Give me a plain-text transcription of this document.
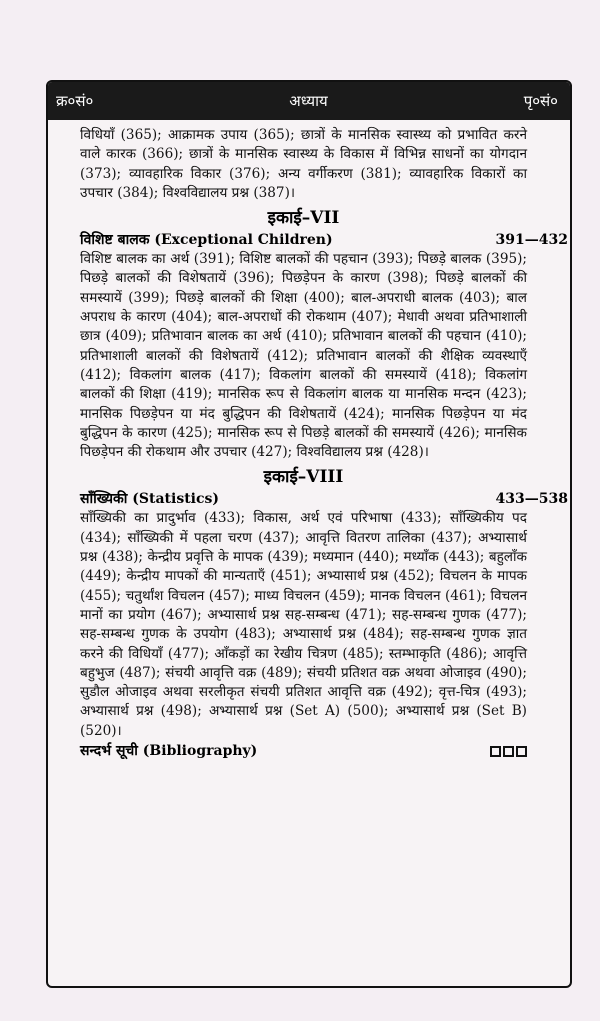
क्र०सं०	अध्याय	पृ०सं०

विधियाँ (365); आक्रामक उपाय (365); छात्रों के मानसिक स्वास्थ्य को प्रभावित करने वाले कारक (366); छात्रों के मानसिक स्वास्थ्य के विकास में विभिन्न साधनों का योगदान (373); व्यावहारिक विकार (376); अन्य वर्गीकरण (381); व्यावहारिक विकारों का उपचार (384); विश्वविद्यालय प्रश्न (387)।

इकाई–VII
विशिष्ट बालक (Exceptional Children)	391—432

विशिष्ट बालक का अर्थ (391); विशिष्ट बालकों की पहचान (393); पिछड़े बालक (395); पिछड़े बालकों की विशेषतायें (396); पिछड़ेपन के कारण (398); पिछड़े बालकों की समस्यायें (399); पिछड़े बालकों की शिक्षा (400); बाल-अपराधी बालक (403); बाल अपराध के कारण (404); बाल-अपराधों की रोकथाम (407); मेधावी अथवा प्रतिभाशाली छात्र (409); प्रतिभावान बालक का अर्थ (410); प्रतिभावान बालकों की पहचान (410); प्रतिभाशाली बालकों की विशेषतायें (412); प्रतिभावान बालकों की शैक्षिक व्यवस्थाएँ (412); विकलांग बालक (417); विकलांग बालकों की समस्यायें (418); विकलांग बालकों की शिक्षा (419); मानसिक रूप से विकलांग बालक या मानसिक मन्दन (423); मानसिक पिछड़ेपन या मंद बुद्धिपन की विशेषतायें (424); मानसिक पिछड़ेपन या मंद बुद्धिपन के कारण (425); मानसिक रूप से पिछड़े बालकों की समस्यायें (426); मानसिक पिछड़ेपन की रोकथाम और उपचार (427); विश्वविद्यालय प्रश्न (428)।

इकाई–VIII
साँख्यिकी (Statistics)	433—538

साँख्यिकी का प्रादुर्भाव (433); विकास, अर्थ एवं परिभाषा (433); साँख्यिकीय पद (434); साँख्यिकी में पहला चरण (437); आवृत्ति वितरण तालिका (437); अभ्यासार्थ प्रश्न (438); केन्द्रीय प्रवृत्ति के मापक (439); मध्यमान (440); मध्याँक (443); बहुलाँक (449); केन्द्रीय मापकों की मान्यताएँ (451); अभ्यासार्थ प्रश्न (452); विचलन के मापक (455); चतुर्थांश विचलन (457); माध्य विचलन (459); मानक विचलन (461); विचलन मानों का प्रयोग (467); अभ्यासार्थ प्रश्न सह-सम्बन्ध (471); सह-सम्बन्ध गुणक (477); सह-सम्बन्ध गुणक के उपयोग (483); अभ्यासार्थ प्रश्न (484); सह-सम्बन्ध गुणक ज्ञात करने की विधियाँ (477); आँकड़ों का रेखीय चित्रण (485); स्तम्भाकृति (486); आवृत्ति बहुभुज (487); संचयी आवृत्ति वक्र (489); संचयी प्रतिशत वक्र अथवा ओजाइव (490); सुडौल ओजाइव अथवा सरलीकृत संचयी प्रतिशत आवृत्ति वक्र (492); वृत्त-चित्र (493); अभ्यासार्थ प्रश्न (498); अभ्यासार्थ प्रश्न (Set A) (500); अभ्यासार्थ प्रश्न (Set B) (520)।

सन्दर्भ सूची (Bibliography)
